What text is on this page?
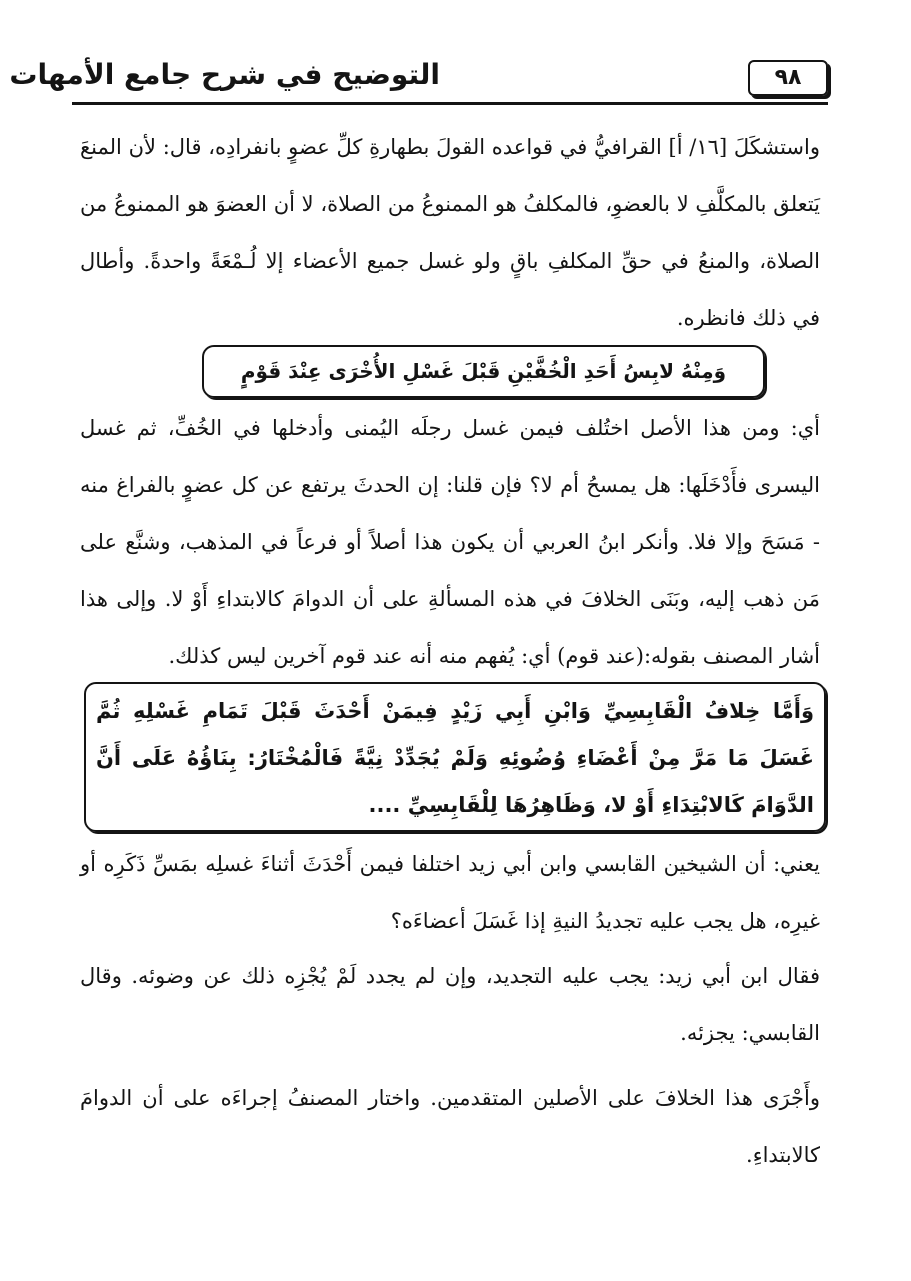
التوضيح في شرح جامع الأمهات	٩٨
واستشكَلَ [١٦/ أ] القرافيُّ في قواعده القولَ بطهارةِ كلِّ عضوٍ بانفرادِه، قال: لأن المنعَ يَتعلق بالمكلَّفِ لا بالعضوِ، فالمكلفُ هو الممنوعُ من الصلاة، لا أن العضوَ هو الممنوعُ من الصلاة، والمنعُ في حقِّ المكلفِ باقٍ ولو غسل جميع الأعضاء إلا لُـمْعَةً واحدةً. وأطال في ذلك فانظره.
وَمِنْهُ لابِسُ أَحَدِ الْخُفَّيْنِ قَبْلَ غَسْلِ الأُخْرَى عِنْدَ قَوْمٍ
أي: ومن هذا الأصل اختُلف فيمن غسل رجلَه اليُمنى وأدخلها في الخُفِّ، ثم غسل اليسرى فأَدْخَلَها: هل يمسحُ أم لا؟ فإن قلنا: إن الحدثَ يرتفع عن كل عضوٍ بالفراغ منه - مَسَحَ وإلا فلا. وأنكر ابنُ العربي أن يكون هذا أصلاً أو فرعاً في المذهب، وشنَّع على مَن ذهب إليه، وبَنَى الخلافَ في هذه المسألةِ على أن الدوامَ كالابتداءِ أَوْ لا. وإلى هذا أشار المصنف بقوله:(عند قوم) أي: يُفهم منه أنه عند قوم آخرين ليس كذلك.
وَأَمَّا خِلافُ الْقَابِسِيِّ وَابْنِ أَبِي زَيْدٍ فِيمَنْ أَحْدَثَ قَبْلَ تَمَامِ غَسْلِهِ ثُمَّ غَسَلَ مَا مَرَّ مِنْ أَعْضَاءِ وُضُوئِهِ وَلَمْ يُجَدِّدْ نِيَّةً فَالْمُخْتَارُ: بِنَاؤُهُ عَلَى أَنَّ الدَّوَامَ كَالابْتِدَاءِ أَوْ لا، وَظَاهِرُهَا لِلْقَابِسِيِّ ....
يعني: أن الشيخين القابسي وابن أبي زيد اختلفا فيمن أَحْدَثَ أثناءَ غسلِه بمَسِّ ذَكَرِه أو غيرِه، هل يجب عليه تجديدُ النيةِ إذا غَسَلَ أعضاءَه؟
فقال ابن أبي زيد: يجب عليه التجديد، وإن لم يجدد لَمْ يُجْزِه ذلك عن وضوئه. وقال القابسي: يجزئه.
وأَجْرَى هذا الخلافَ على الأصلين المتقدمين. واختار المصنفُ إجراءَه على أن الدوامَ كالابتداءِ.
